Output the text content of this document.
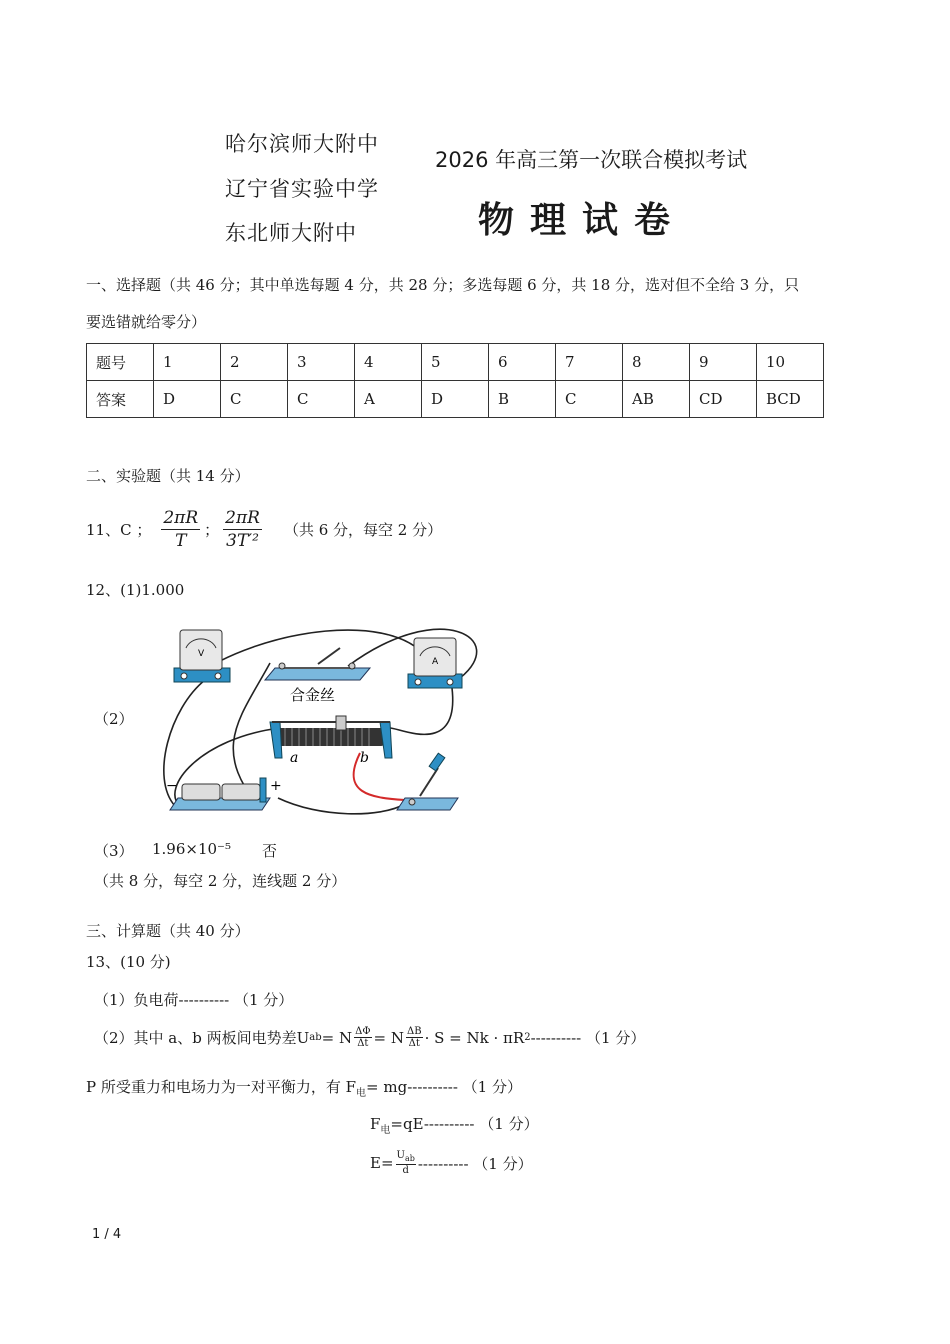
哈尔滨师大附中
辽宁省实验中学
东北师大附中
2026 年高三第一次联合模拟考试
物理试卷
一、选择题（共 46 分；其中单选每题 4 分，共 28 分；多选每题 6 分，共 18 分，选对但不全给 3 分，只
要选错就给零分）
题号	1	2	3	4	5	6	7	8	9	10
答案	D	C	C	A	D	B	C	AB	CD	BCD
二、实验题（共 14 分）
11、C ； $\frac{2\pi R}{T}$ ； $\frac{2\pi R}{\text{3T′²}}$ （共 6 分，每空 2 分）
12、(1)1.000
（2）
V
合金丝
A
a	b
−	+
（3） 1.96×10⁻⁵ 否
（共 8 分，每空 2 分，连线题 2 分）
三、计算题（共 40 分）
13、(10 分)
（1）负电荷---------- （1 分）
（2）其中 a、b 两板间电势差U ab = N $\frac{\Delta\Phi}{\Delta t} = N \frac{\Delta B}{\Delta t} \cdot S = Nk \cdot \pi R$ 2 ---------- （1 分）
P 所受重力和电场力为一对平衡力，有 $F_电= mg----------$ （1 分）
$F_电=qE----------$ （1 分）
$E= U_{ab}$
d ---------- （1 分）
1 / 4
